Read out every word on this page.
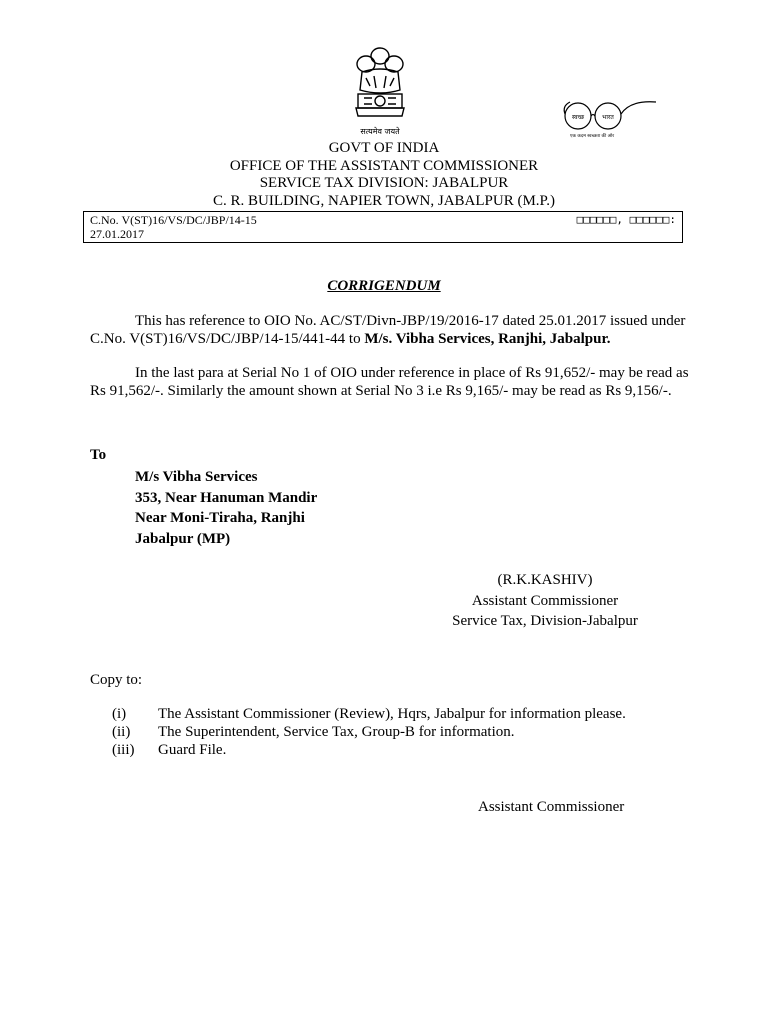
सत्यमेव जयते
स्वच्छ	भारत
एक कदम स्वच्छता की ओर
GOVT OF INDIA
OFFICE OF THE ASSISTANT COMMISSIONER
SERVICE TAX DIVISION: JABALPUR
C. R. BUILDING, NAPIER TOWN, JABALPUR (M.P.)
C.No. V(ST)16/VS/DC/JBP/14-15
27.01.2017
□□□□□□, □□□□□□:
CORRIGENDUM
This has reference to OIO No. AC/ST/Divn-JBP/19/2016-17 dated 25.01.2017 issued under C.No. V(ST)16/VS/DC/JBP/14-15/441-44 to M/s. Vibha Services, Ranjhi, Jabalpur.
In the last para at Serial No 1 of OIO under reference in place of Rs 91,652/- may be read as Rs 91,562/-. Similarly the amount shown at Serial No 3 i.e Rs 9,165/- may be read as Rs 9,156/-.
To
M/s Vibha Services
353, Near Hanuman Mandir
Near Moni-Tiraha, Ranjhi
Jabalpur (MP)
(R.K.KASHIV)
Assistant Commissioner
Service Tax, Division-Jabalpur
Copy to:
(i)	The Assistant Commissioner (Review), Hqrs, Jabalpur for information please.
(ii)	The Superintendent, Service Tax, Group-B for information.
(iii)	Guard File.
Assistant Commissioner
